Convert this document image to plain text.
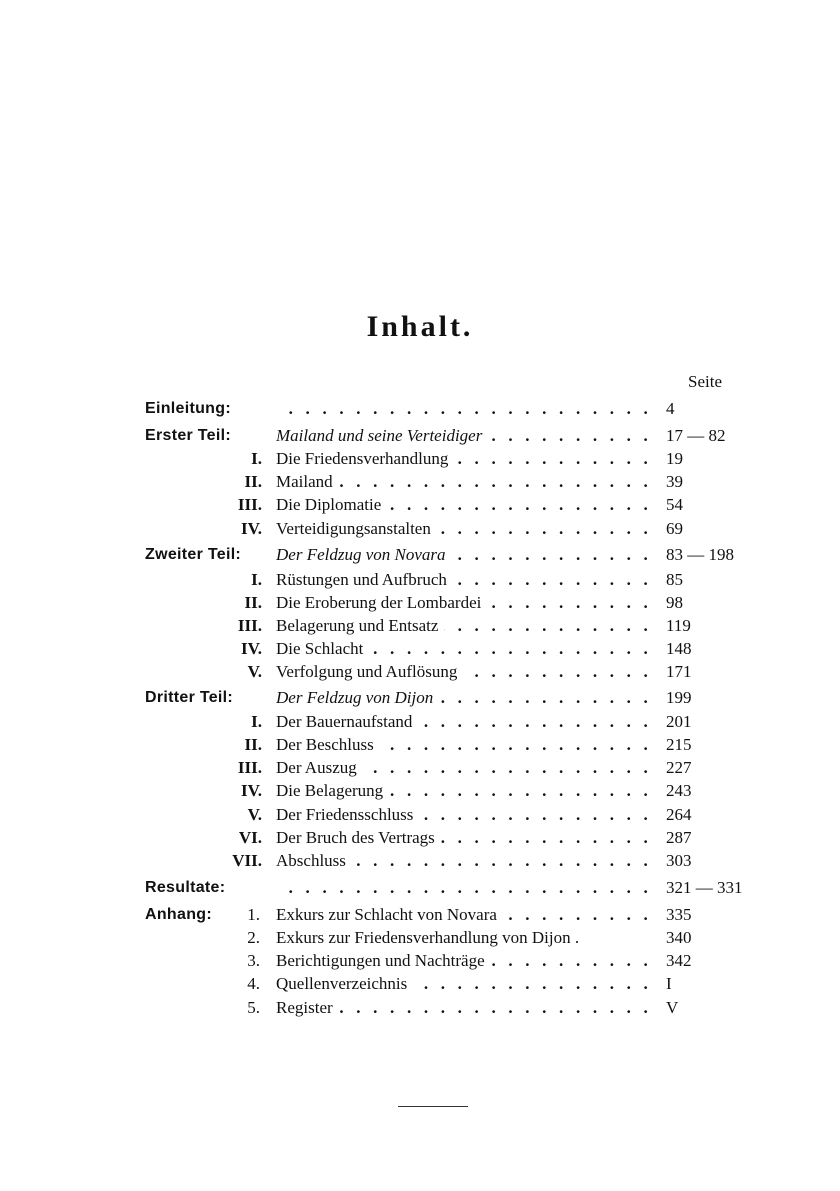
Inhalt.
Seite
Einleitung: . . .	4
Erster Teil:	Mailand und seine Verteidiger . . .	17 — 82
I. Die Friedensverhandlung . . .	19
II. Mailand . . .	39
III. Die Diplomatie . . .	54
IV. Verteidigungsanstalten . . .	69
Zweiter Teil: Der Feldzug von Novara . . .	83 — 198
I. Rüstungen und Aufbruch . . .	85
II. Die Eroberung der Lombardei . . .	98
III. Belagerung und Entsatz . . .	119
IV. Die Schlacht . . .	148
V. Verfolgung und Auflösung . . .	171
Dritter Teil:	Der Feldzug von Dijon . . .	199
I. Der Bauernaufstand . . .	201
II. Der Beschluss . . .	215
III. Der Auszug . . .	227
IV. Die Belagerung . . .	243
V. Der Friedensschluss . . .	264
VI. Der Bruch des Vertrags . . .	287
VII. Abschluss . . .	303
Resultate: . . .	321 — 331
Anhang: 1. Exkurs zur Schlacht von Novara . . .	335
2. Exkurs zur Friedensverhandlung von Dijon .	340
3. Berichtigungen und Nachträge . . .	342
4. Quellenverzeichnis . . .	I
5. Register . . .	V
